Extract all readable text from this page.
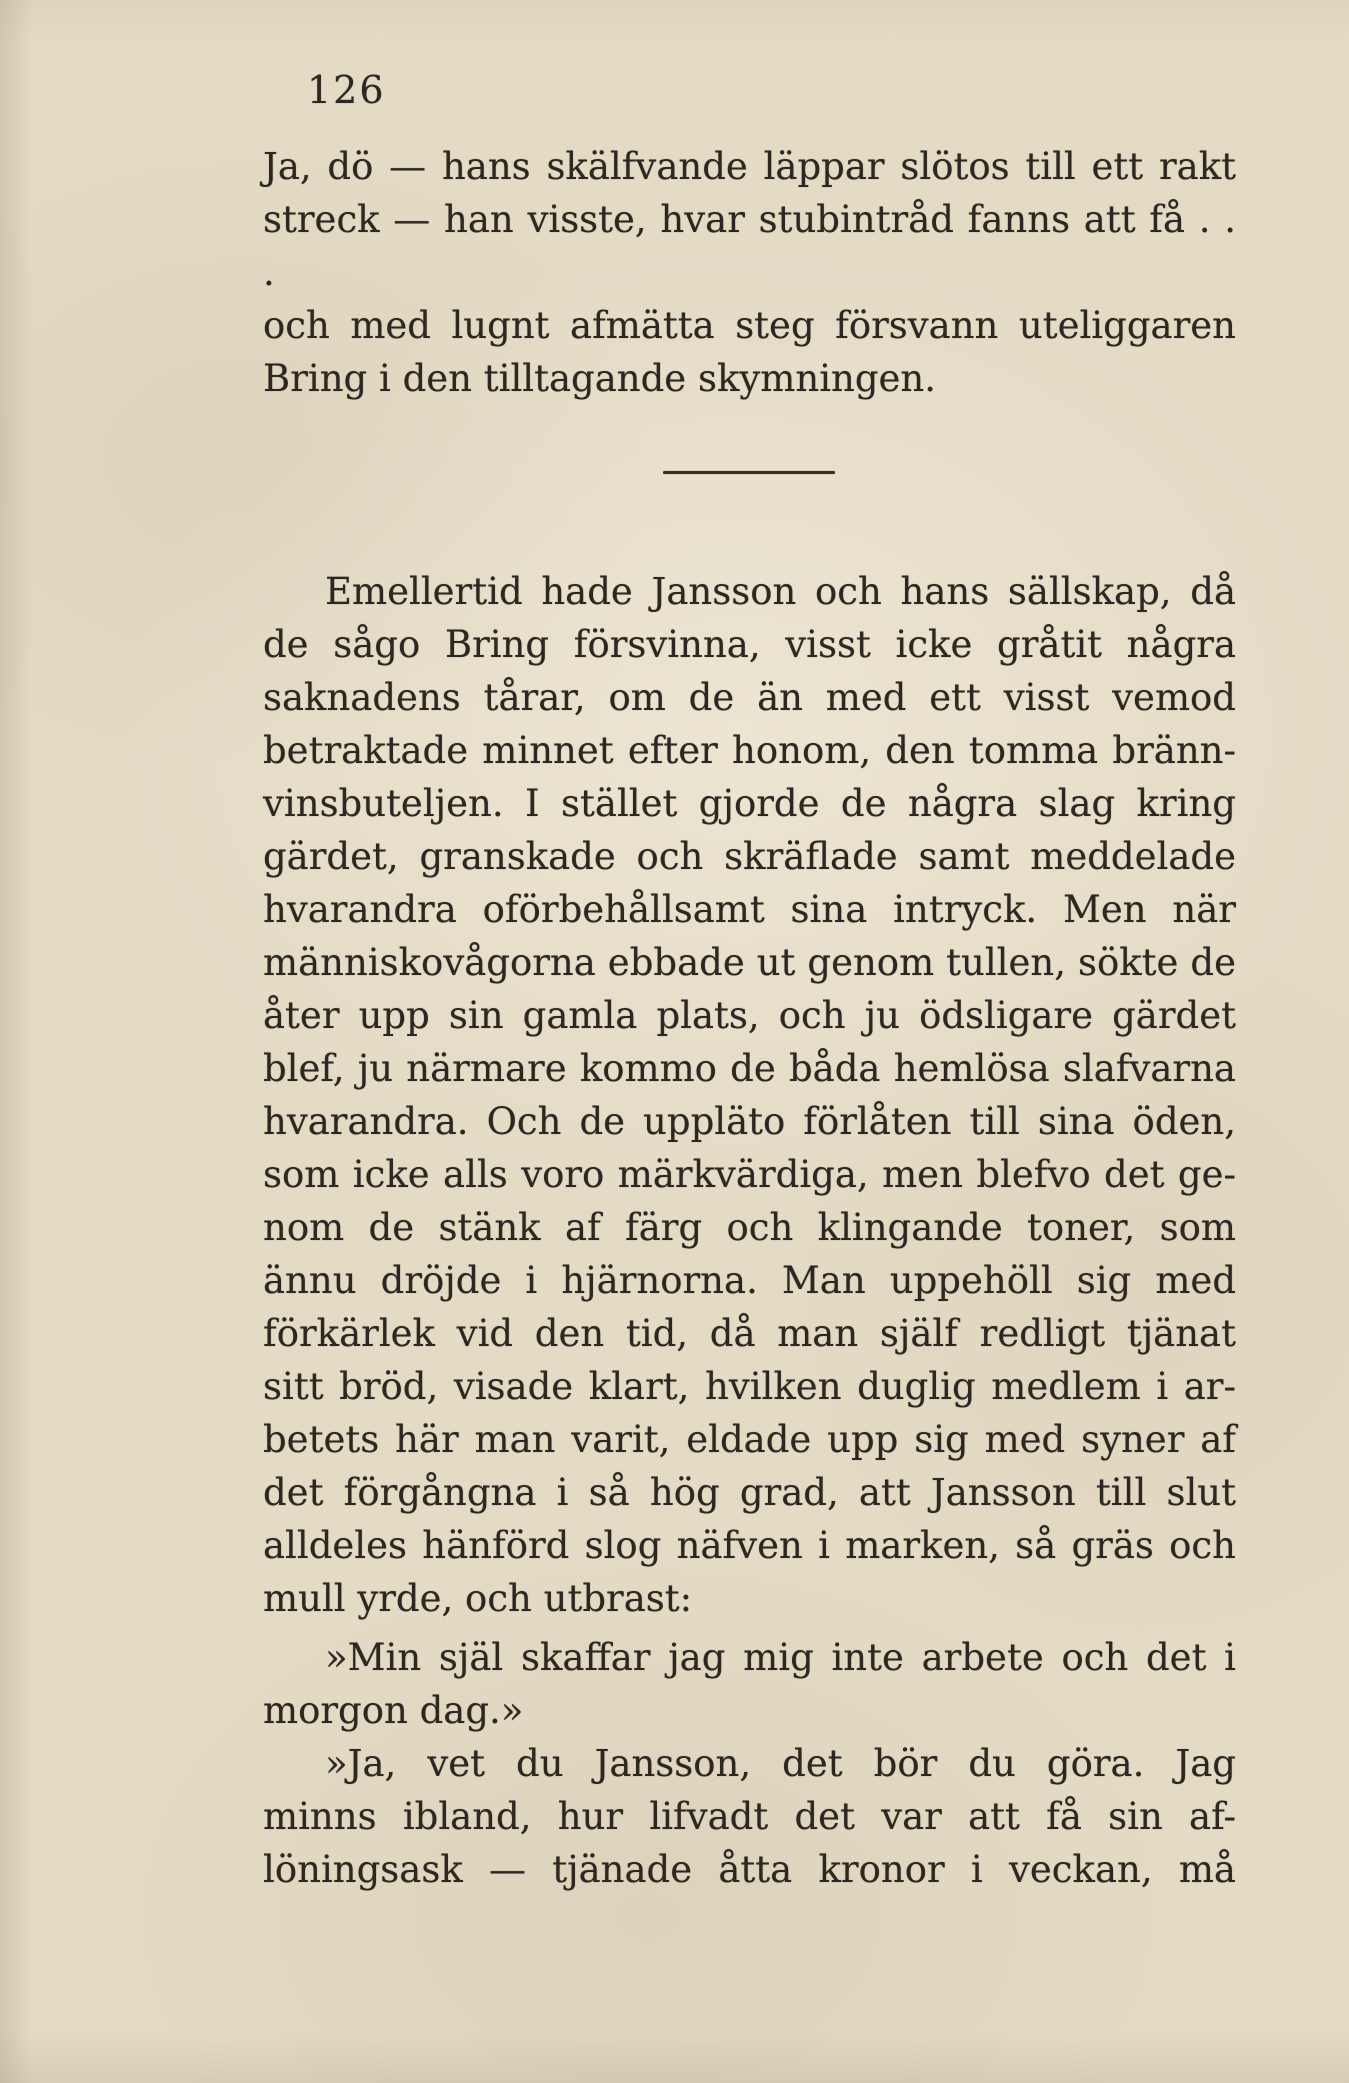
126
Ja, dö — hans skälfvande läppar slötos till ett rakt
streck — han visste, hvar stubintråd fanns att få . . .
och med lugnt afmätta steg försvann uteliggaren
Bring i den tilltagande skymningen.
Emellertid hade Jansson och hans sällskap, då
de sågo Bring försvinna, visst icke gråtit några
saknadens tårar, om de än med ett visst vemod
betraktade minnet efter honom, den tomma bränn-
vinsbuteljen. I stället gjorde de några slag kring
gärdet, granskade och skräflade samt meddelade
hvarandra oförbehållsamt sina intryck. Men när
människovågorna ebbade ut genom tullen, sökte de
åter upp sin gamla plats, och ju ödsligare gärdet
blef, ju närmare kommo de båda hemlösa slafvarna
hvarandra. Och de uppläto förlåten till sina öden,
som icke alls voro märkvärdiga, men blefvo det ge-
nom de stänk af färg och klingande toner, som
ännu dröjde i hjärnorna. Man uppehöll sig med
förkärlek vid den tid, då man själf redligt tjänat
sitt bröd, visade klart, hvilken duglig medlem i ar-
betets här man varit, eldade upp sig med syner af
det förgångna i så hög grad, att Jansson till slut
alldeles hänförd slog näfven i marken, så gräs och
mull yrde, och utbrast:
»Min själ skaffar jag mig inte arbete och det i
morgon dag.»
»Ja, vet du Jansson, det bör du göra. Jag
minns ibland, hur lifvadt det var att få sin af-
löningsask — tjänade åtta kronor i veckan, må
